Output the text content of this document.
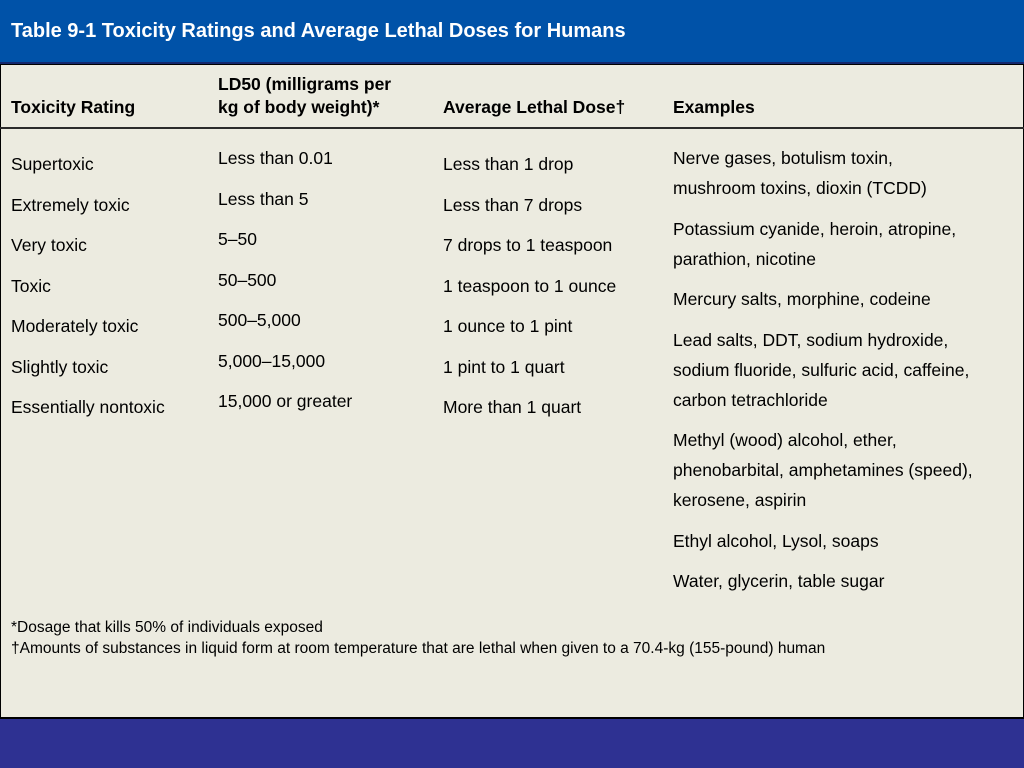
Table 9-1 Toxicity Ratings and Average Lethal Doses for Humans
Toxicity Rating
LD50 (milligrams per
kg of body weight)*	Average Lethal Dose†	Examples
Supertoxic
Extremely toxic
Very toxic
Toxic
Moderately toxic
Slightly toxic
Essentially nontoxic
Less than 0.01
Less than 5
5–50
50–500
500–5,000
5,000–15,000
15,000 or greater
Less than 1 drop
Less than 7 drops
7 drops to 1 teaspoon
1 teaspoon to 1 ounce
1 ounce to 1 pint
1 pint to 1 quart
More than 1 quart
Nerve gases, botulism toxin,
mushroom toxins, dioxin (TCDD)
Potassium cyanide, heroin, atropine,
parathion, nicotine
Mercury salts, morphine, codeine
Lead salts, DDT, sodium hydroxide,
sodium fluoride, sulfuric acid, caffeine,
carbon tetrachloride
Methyl (wood) alcohol, ether,
phenobarbital, amphetamines (speed),
kerosene, aspirin
Ethyl alcohol, Lysol, soaps
Water, glycerin, table sugar
*Dosage that kills 50% of individuals exposed
†Amounts of substances in liquid form at room temperature that are lethal when given to a 70.4-kg (155-pound) human
